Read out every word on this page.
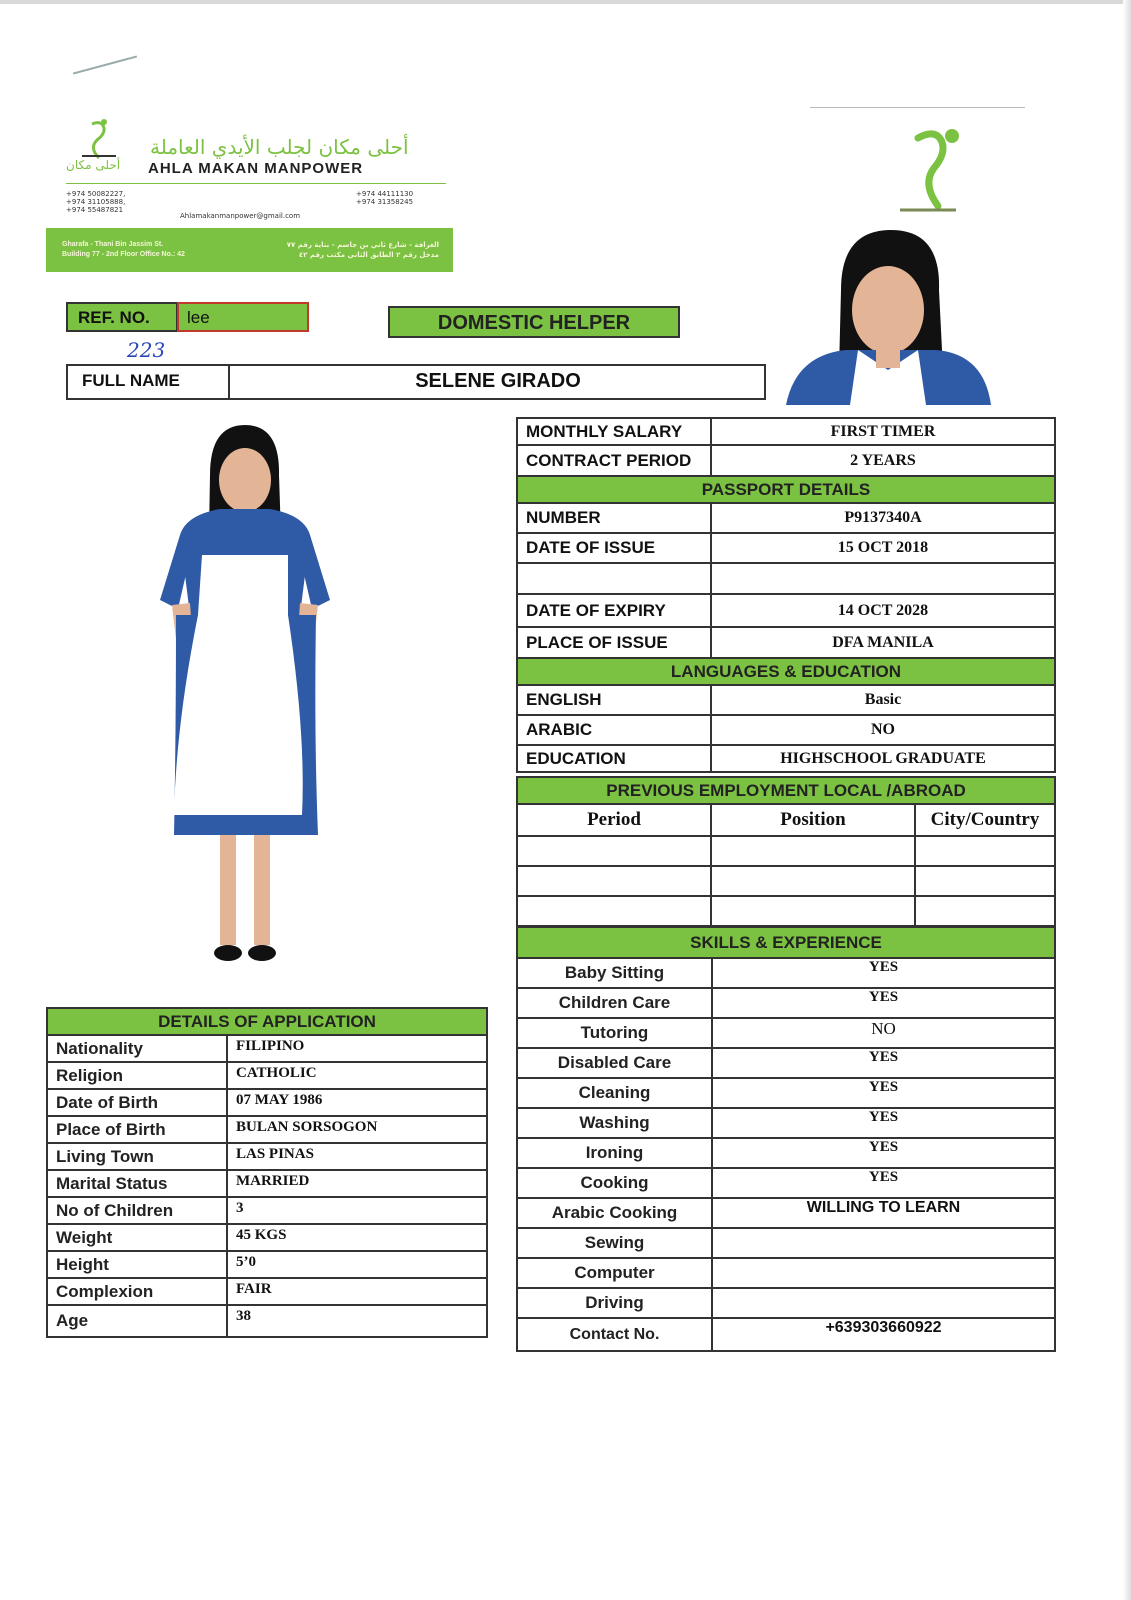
أحلى مكان
أحلى مكان لجلب الأيدي العاملة
AHLA MAKAN MANPOWER
+974 50082227,
+974 31105888,
+974 55487821
+974 44111130
+974 31358245
Ahlamakanmanpower@gmail.com
Gharafa - Thani Bin Jassim St.
Building 77 - 2nd Floor Office No.: 42
الغرافة - شارع ثاني بن جاسم - بناية رقم ٧٧
مدخل رقم ٢ الطابق الثاني مكتب رقم ٤٢
REF. NO.	lee
223
DOMESTIC HELPER
FULL NAME	SELENE GIRADO
MONTHLY SALARY	FIRST TIMER
CONTRACT PERIOD	2 YEARS
PASSPORT DETAILS	
NUMBER	P9137340A
DATE OF ISSUE	15 OCT 2018

DATE OF EXPIRY	14 OCT 2028
PLACE OF ISSUE	DFA MANILA
LANGUAGES & EDUCATION	
ENGLISH	Basic
ARABIC	NO
EDUCATION	HIGHSCHOOL GRADUATE
PREVIOUS EMPLOYMENT LOCAL /ABROAD		
Period	Position	City/Country

SKILLS & EXPERIENCE	
Baby Sitting	YES
Children Care	YES
Tutoring	NO
Disabled Care	YES
Cleaning	YES
Washing	YES
Ironing	YES
Cooking	YES
Arabic Cooking	WILLING TO LEARN
Sewing	
Computer	
Driving	
Contact No.	+639303660922
DETAILS OF APPLICATION	
Nationality	FILIPINO
Religion	CATHOLIC
Date of Birth	07 MAY 1986
Place of Birth	BULAN SORSOGON
Living Town	LAS PINAS
Marital Status	MARRIED
No of Children	3
Weight	45 KGS
Height	5’0
Complexion	FAIR
Age	38
